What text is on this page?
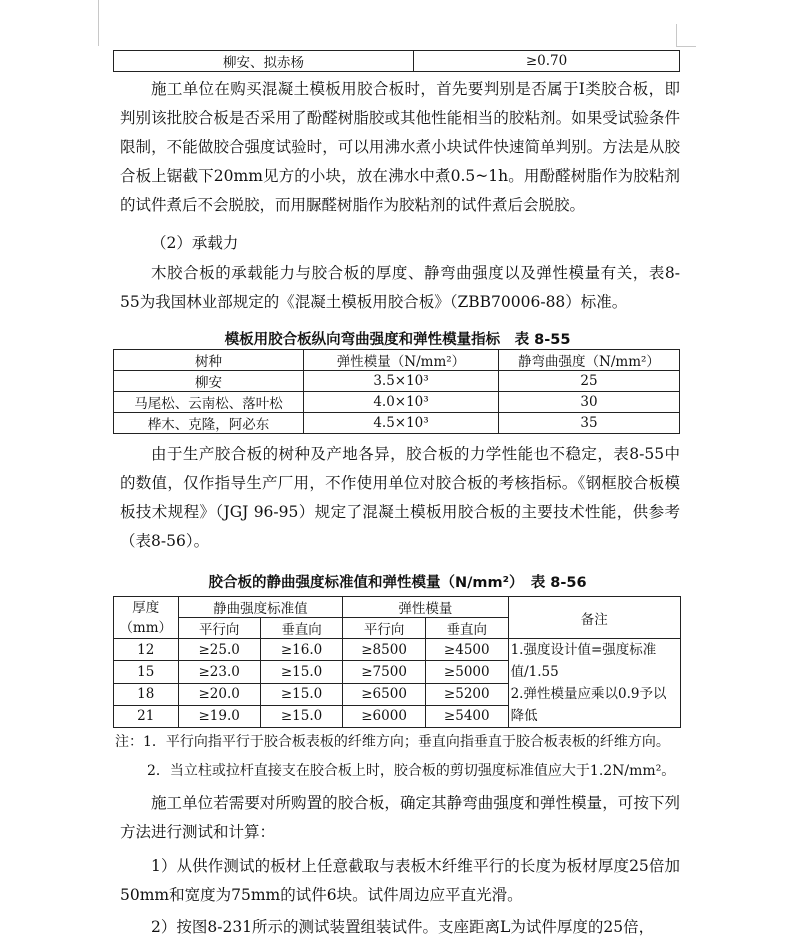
柳安、拟赤杨	≥0.70

施工单位在购买混凝土模板用胶合板时，首先要判别是否属于Ⅰ类胶合板，即判别该批胶合板是否采用了酚醛树脂胶或其他性能相当的胶粘剂。如果受试验条件限制，不能做胶合强度试验时，可以用沸水煮小块试件快速简单判别。方法是从胶合板上锯截下20mm见方的小块，放在沸水中煮0.5~1h。用酚醛树脂作为胶粘剂的试件煮后不会脱胶，而用脲醛树脂作为胶粘剂的试件煮后会脱胶。

（2）承载力

木胶合板的承载能力与胶合板的厚度、静弯曲强度以及弹性模量有关，表8-55为我国林业部规定的《混凝土模板用胶合板》（ZBB70006-88）标准。

模板用胶合板纵向弯曲强度和弹性模量指标　表 8-55
树种	弹性模量（N/mm²）	静弯曲强度（N/mm²）
柳安	3.5×10³	25
马尾松、云南松、落叶松	4.0×10³	30
桦木、克隆，阿必东	4.5×10³	35

由于生产胶合板的树种及产地各异，胶合板的力学性能也不稳定，表8-55中的数值，仅作指导生产厂用，不作使用单位对胶合板的考核指标。《钢框胶合板模板技术规程》（JGJ 96-95）规定了混凝土模板用胶合板的主要技术性能，供参考（表8-56）。

胶合板的静曲强度标准值和弹性模量（N/mm²）　表 8-56
厚度
（mm）	静曲强度标准值		弹性模量		备注
	平行向	垂直向	平行向	垂直向	
12	≥25.0	≥16.0	≥8500	≥4500	1.强度设计值=强度标准值/1.55
2.弹性模量应乘以0.9予以降低
15	≥23.0	≥15.0	≥7500	≥5000	
18	≥20.0	≥15.0	≥6500	≥5200	
21	≥19.0	≥15.0	≥6000	≥5400	
注：1．平行向指平行于胶合板表板的纤维方向；垂直向指垂直于胶合板表板的纤维方向。
2．当立柱或拉杆直接支在胶合板上时，胶合板的剪切强度标准值应大于1.2N/mm²。

施工单位若需要对所购置的胶合板，确定其静弯曲强度和弹性模量，可按下列方法进行测试和计算：

1）从供作测试的板材上任意截取与表板木纤维平行的长度为板材厚度25倍加50mm和宽度为75mm的试件6块。试件周边应平直光滑。

2）按图8-231所示的测试装置组装试件。支座距离L为试件厚度的25倍，
